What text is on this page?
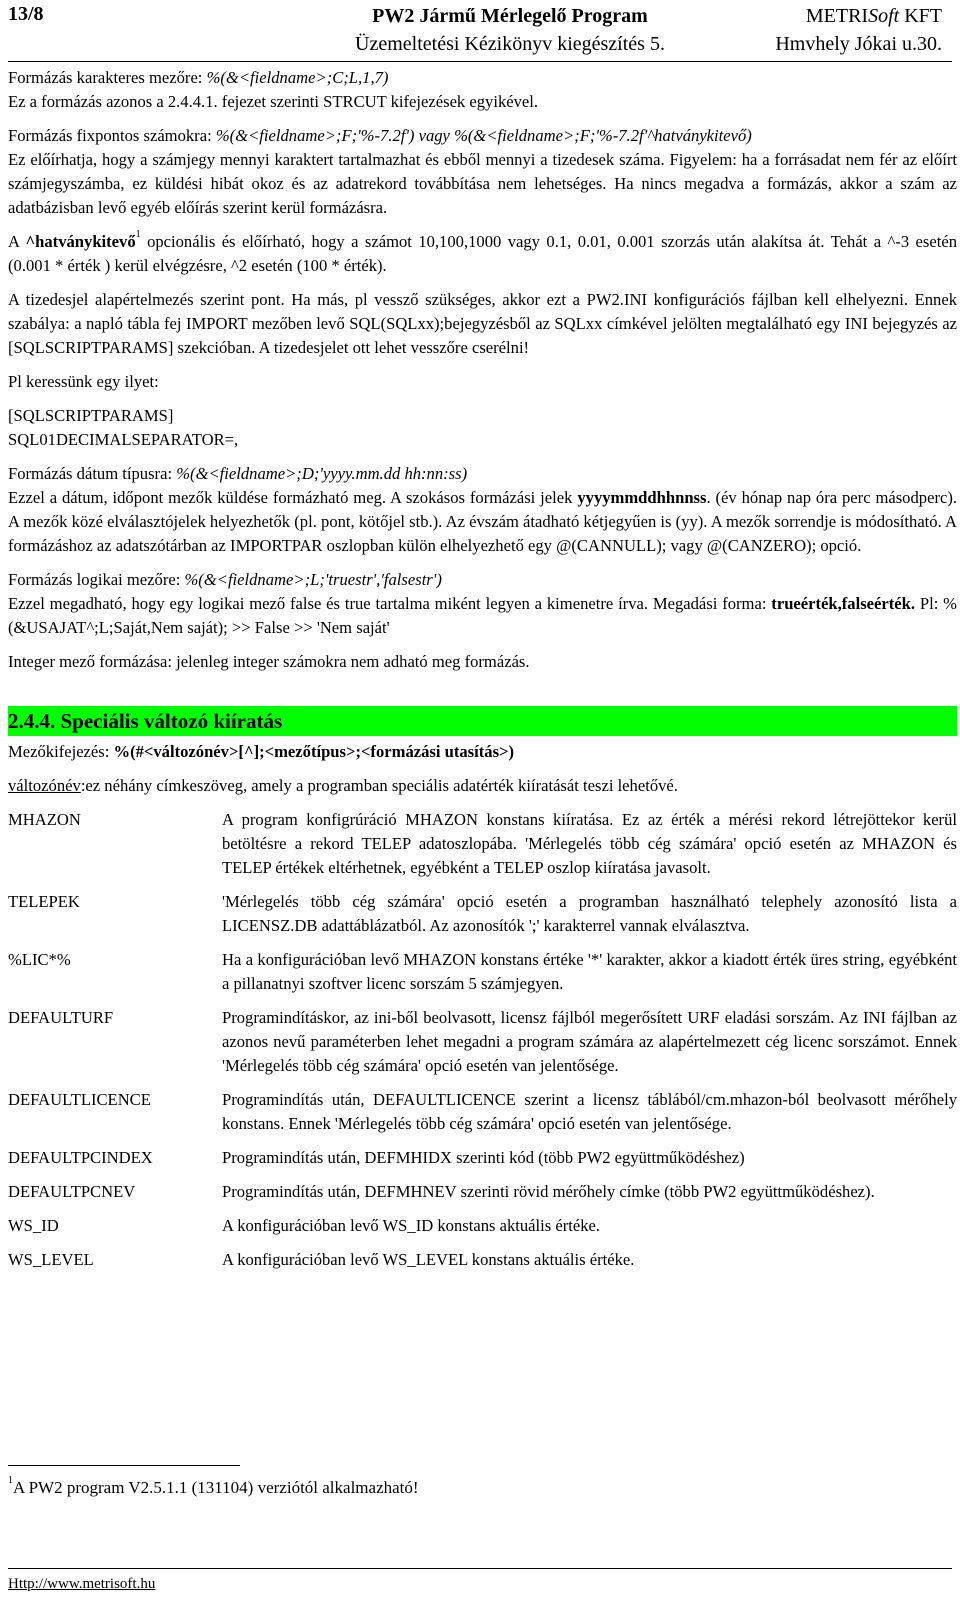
13/8	PW2 Jármű Mérlegelő Program
Üzemeltetési Kézikönyv kiegészítés 5.
METRISoft KFT
Hmvhely Jókai u.30.

Formázás karakteres mezőre: %(&<fieldname>;C;L,1,7)

Ez a formázás azonos a 2.4.4.1. fejezet szerinti STRCUT kifejezések egyikével.

Formázás fixpontos számokra: %(&<fieldname>;F;'%-7.2f') vagy %(&<fieldname>;F;'%-7.2f'^hatványkitevő)

Ez előírhatja, hogy a számjegy mennyi karaktert tartalmazhat és ebből mennyi a tizedesek száma. Figyelem: ha a forrásadat nem fér az előírt számjegyszámba, ez küldési hibát okoz és az adatrekord továbbítása nem lehetséges. Ha nincs megadva a formázás, akkor a szám az adatbázisban levő egyéb előírás szerint kerül formázásra.

A ^hatványkitevő$^1$ opcionális és előírható, hogy a számot 10,100,1000 vagy 0.1, 0.01, 0.001 szorzás után alakítsa át. Tehát a ^-3 esetén (0.001 * érték ) kerül elvégzésre, ^2 esetén (100 * érték).

A tizedesjel alapértelmezés szerint pont. Ha más, pl vessző szükséges, akkor ezt a PW2.INI konfigurációs fájlban kell elhelyezni. Ennek szabálya: a napló tábla fej IMPORT mezőben levő SQL(SQLxx);bejegyzésből az SQLxx címkével jelölten megtalálható egy INI bejegyzés az [SQLSCRIPTPARAMS] szekcióban. A tizedesjelet ott lehet vesszőre cserélni!

Pl keressünk egy ilyet:

[SQLSCRIPTPARAMS]

SQL01DECIMALSEPARATOR=,

Formázás dátum típusra: %(&<fieldname>;D;'yyyy.mm.dd hh:nn:ss)

Ezzel a dátum, időpont mezők küldése formázható meg. A szokásos formázási jelek yyyymmddhhnnss. (év hónap nap óra perc másodperc). A mezők közé elválasztójelek helyezhetők (pl. pont, kötőjel stb.). Az évszám átadható kétjegyűen is (yy). A mezők sorrendje is módosítható. A formázáshoz az adatszótárban az IMPORTPAR oszlopban külön elhelyezhető egy @(CANNULL); vagy @(CANZERO); opció.

Formázás logikai mezőre: %(&<fieldname>;L;'truestr','falsestr')

Ezzel megadható, hogy egy logikai mező false és true tartalma miként legyen a kimenetre írva. Megadási forma: trueérték,falseérték. Pl: %(&USAJAT^;L;Saját,Nem saját); >> False >> 'Nem saját'

Integer mező formázása: jelenleg integer számokra nem adható meg formázás.

2.4.4. Speciális változó kiíratás

Mezőkifejezés: %(#<változónév>[^];<mezőtípus>;<formázási utasítás>)

változónév:ez néhány címkeszöveg, amely a programban speciális adatérték kiíratását teszi lehetővé.

MHAZON	A program konfigrúráció MHAZON konstans kiíratása. Ez az érték a mérési rekord létrejöttekor kerül betöltésre a rekord TELEP adatoszlopába. 'Mérlegelés több cég számára' opció esetén az MHAZON és TELEP értékek eltérhetnek, egyébként a TELEP oszlop kiíratása javasolt.
TELEPEK	'Mérlegelés több cég számára' opció esetén a programban használható telephely azonosító lista a LICENSZ.DB adattáblázatból. Az azonosítók ';' karakterrel vannak elválasztva.
%LIC*%	Ha a konfigurációban levő MHAZON konstans értéke '*' karakter, akkor a kiadott érték üres string, egyébként a pillanatnyi szoftver licenc sorszám 5 számjegyen.
DEFAULTURF	Programindításkor, az ini-ből beolvasott, licensz fájlból megerősített URF eladási sorszám. Az INI fájlban az azonos nevű paraméterben lehet megadni a program számára az alapértelmezett cég licenc sorszámot. Ennek 'Mérlegelés több cég számára' opció esetén van jelentősége.
DEFAULTLICENCE	Programindítás után, DEFAULTLICENCE szerint a licensz táblából/cm.mhazon-ból beolvasott mérőhely konstans. Ennek 'Mérlegelés több cég számára' opció esetén van jelentősége.
DEFAULTPCINDEX	Programindítás után, DEFMHIDX szerinti kód (több PW2 együttműködéshez)
DEFAULTPCNEV	Programindítás után, DEFMHNEV szerinti rövid mérőhely címke (több PW2 együttműködéshez).
WS_ID	A konfigurációban levő WS_ID konstans aktuális értéke.
WS_LEVEL	A konfigurációban levő WS_LEVEL konstans aktuális értéke.
$^1$A PW2 program V2.5.1.1 (131104) verziótól alkalmazható!
Http://www.metrisoft.hu
